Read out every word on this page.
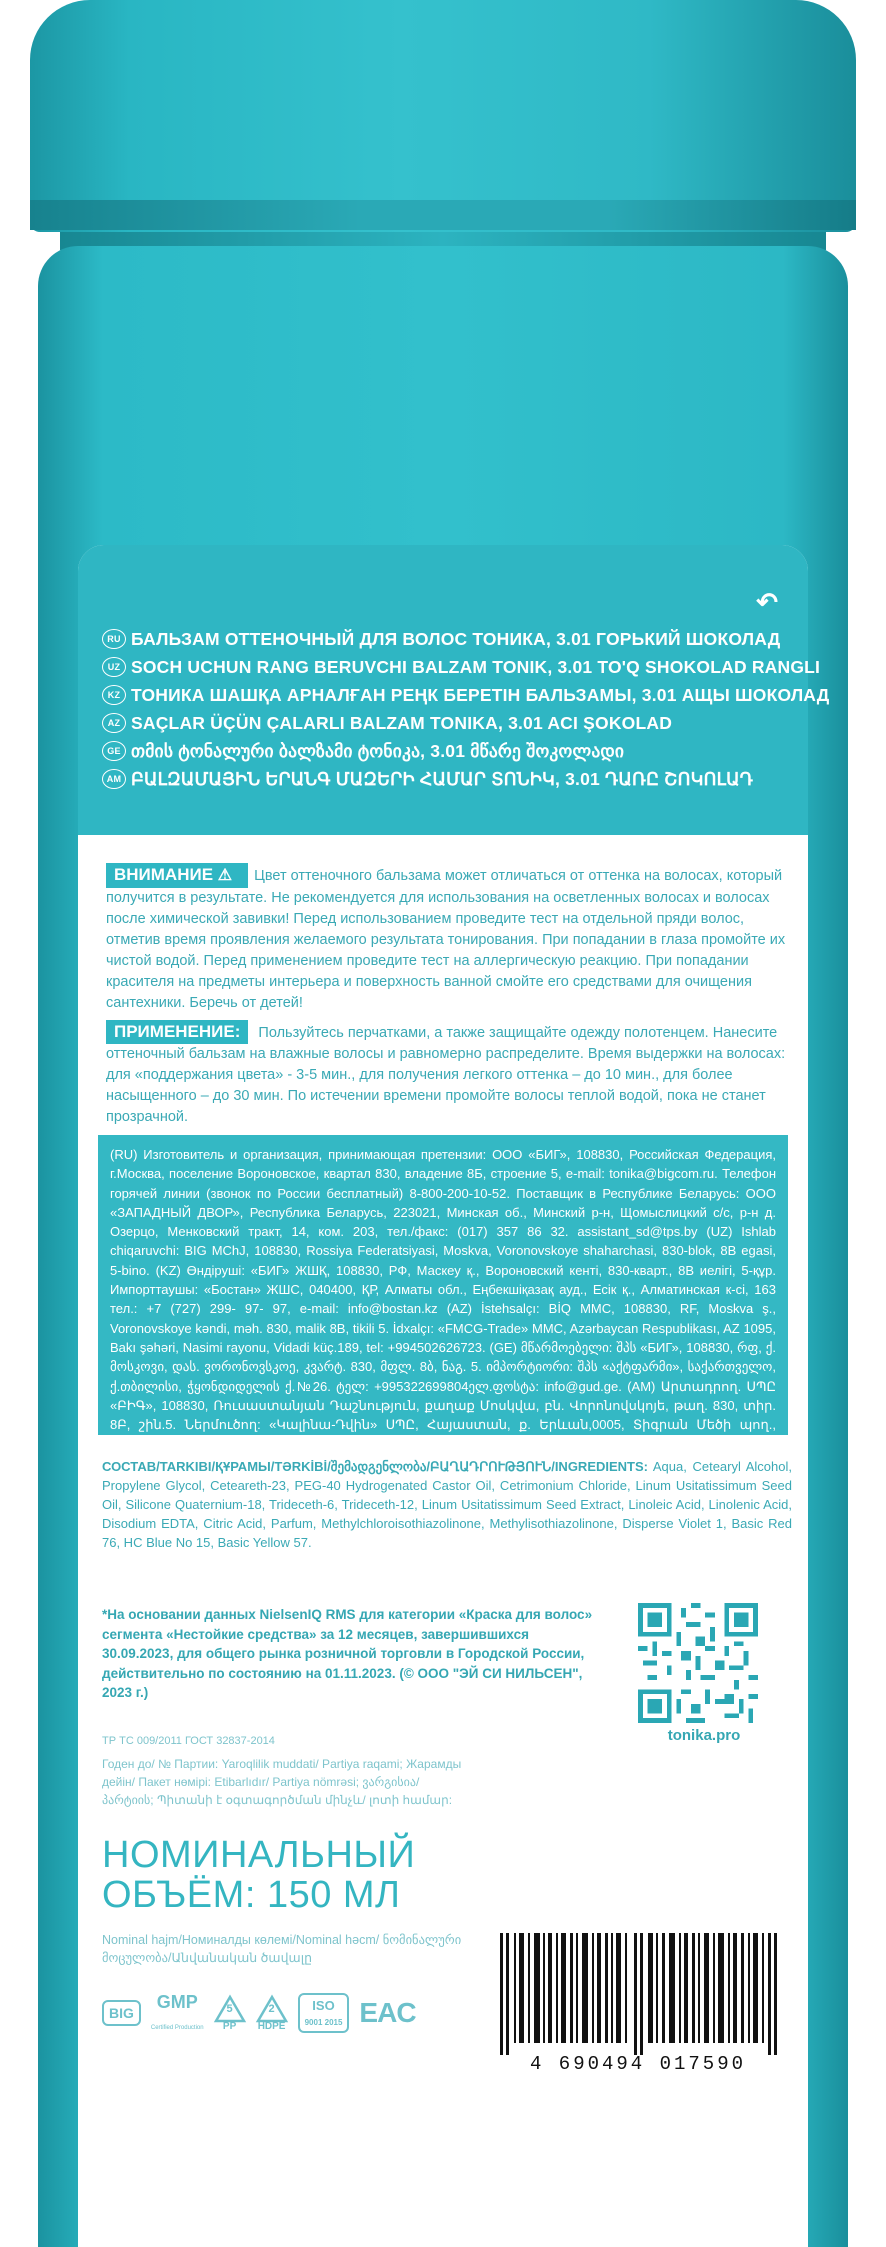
↶
RU БАЛЬЗАМ ОТТЕНОЧНЫЙ ДЛЯ ВОЛОС ТОНИКА, 3.01 ГОРЬКИЙ ШОКОЛАД
UZ SOCH UCHUN RANG BERUVCHI BALZAM TONIK, 3.01 TO'Q SHOKOLAD RANGLI
KZ ТОНИКА ШАШҚА АРНАЛҒАН РЕҢК БЕРЕТІН БАЛЬЗАМЫ, 3.01 АЩЫ ШОКОЛАД
AZ SAÇLAR ÜÇÜN ÇALARLI BALZAM TONIKA, 3.01 ACI ŞOKOLAD
GE თმის ტონალური ბალზამი ტონიკა, 3.01 მწარე შოკოლადი
AM ԲԱԼԶԱՄԱՅԻՆ ԵՐԱՆԳ ՄԱԶԵՐԻ ՀԱՄԱՐ ՏՈՆԻԿ, 3.01 ԴԱՌԸ ՇՈԿՈԼԱԴ
ВНИМАНИЕ ⚠ Цвет оттеночного бальзама может отличаться от оттенка на волосах, который получится в результате. Не рекомендуется для использования на осветленных волосах и волосах после химической завивки! Перед использованием проведите тест на отдельной пряди волос, отметив время проявления желаемого результата тонирования. При попадании в глаза промойте их чистой водой. Перед применением проведите тест на аллергическую реакцию. При попадании красителя на предметы интерьера и поверхность ванной смойте его средствами для очищения сантехники. Беречь от детей!
ПРИМЕНЕНИЕ: Пользуйтесь перчатками, а также защищайте одежду полотенцем. Нанесите оттеночный бальзам на влажные волосы и равномерно распределите. Время выдержки на волосах: для «поддержания цвета» - 3-5 мин., для получения легкого оттенка – до 10 мин., для более насыщенного – до 30 мин. По истечении времени промойте волосы теплой водой, пока не станет прозрачной.
(RU) Изготовитель и организация, принимающая претензии: ООО «БИГ», 108830, Российская Федерация, г.Москва, поселение Вороновское, квартал 830, владение 8Б, строение 5, e-mail: tonika@bigcom.ru. Телефон горячей линии (звонок по России бесплатный) 8-800-200-10-52. Поставщик в Республике Беларусь: ООО «ЗАПАДНЫЙ ДВОР», Республика Беларусь, 223021, Минская об., Минский р-н, Щомыслицкий с/с, р-н д. Озерцо, Менковский тракт, 14, ком. 203, тел./факс: (017) 357 86 32. assistant_sd@tps.by (UZ) Ishlab chiqaruvchi: BIG MChJ, 108830, Rossiya Federatsiyasi, Moskva, Voronovskoye shaharchasi, 830-blok, 8B egasi, 5-bino. (KZ) Өндіруші: «БИГ» ЖШҚ, 108830, РФ, Маскеу қ., Вороновский кенті, 830-кварт., 8В иелігі, 5-құр. Импорттаушы: «Бостан» ЖШС, 040400, ҚР, Алматы обл., Еңбекшіқазақ ауд., Есік қ., Алматинская к-сі, 163 тел.: +7 (727) 299- 97- 97, e-mail: info@bostan.kz (AZ) İstehsalçı: BİQ MMC, 108830, RF, Moskva ş., Voronovskoye kəndi, məh. 830, malik 8B, tikili 5. İdxalçı: «FMCG-Trade» MMC, Azərbaycan Respublikası, AZ 1095, Bakı şəhəri, Nasimi rayonu, Vidadi küç.189, tel: +994502626723. (GE) მწარმოებელი: შპს «БИГ», 108830, რფ, ქ. მოსკოვი, დას. ვორონოვსკოე, კვარტ. 830, მფლ. 8ბ, ნაგ. 5. იმპორტიორი: შპს «აქტფარმი», საქართველო, ქ.თბილისი, ჭყონდიდელის ქ.№26. ტელ: +995322699804ელ.ფოსტა: info@gud.ge. (AM) Արտադրող. ՍՊԸ «ԲԻԳ», 108830, Ռուսաստանյան Դաշնություն, քաղաք Մոսկվա, բն. Վորոնովսկոյե, թաղ. 830, տիր. 8Բ, շին.5. Ներմուծող: «Կալինա-Դվին» ՍՊԸ, Հայաստան, ք. Երևան,0005, Տիգրան Մեծի պող., նրբ.-50,հեռ.+(374)10-55-70-76, e-mail: kalina.dvin@mail.ru.
СОСТАВ/TARKIBI/ҚҰРАМЫ/TƏRKİBİ/შემადგენლობა/ԲԱՂԱԴՐՈՒԹՅՈՒՆ/INGREDIENTS: Aqua, Cetearyl Alcohol, Propylene Glycol, Ceteareth-23, PEG-40 Hydrogenated Castor Oil, Cetrimonium Chloride, Linum Usitatissimum Seed Oil, Silicone Quaternium-18, Trideceth-6, Trideceth-12, Linum Usitatissimum Seed Extract, Linoleic Acid, Linolenic Acid, Disodium EDTA, Citric Acid, Parfum, Methylchloroisothiazolinone, Methylisothiazolinone, Disperse Violet 1, Basic Red 76, HC Blue No 15, Basic Yellow 57.
*На основании данных NielsenIQ RMS для категории «Краска для волос» сегмента «Нестойкие средства» за 12 месяцев, завершившихся 30.09.2023, для общего рынка розничной торговли в Городской России, действительно по состоянию на 01.11.2023. (© ООО "ЭЙ СИ НИЛЬСЕН", 2023 г.)
tonika.pro
ТР ТС 009/2011 ГОСТ 32837-2014
Годен до/ № Партии: Yaroqlilik muddati/ Partiya raqami; Жарамды дейін/ Пакет нөмірі: Etibarlıdır/ Partiya nömrəsi; ვარგისია/ პარტიის; Պիտանի է օգտագործման մինչև/ լոտի համար:
НОМИНАЛЬНЫЙ ОБЪЁМ: 150 МЛ
Nominal hajm/Номиналды көлемі/Nominal həcm/ ნომინალური მოცულობა/Անվանական ծավալը
BIG
GMP
Certified Production
5
PP
2
HDPE
ISO
9001 2015 EAC
4 690494 017590
